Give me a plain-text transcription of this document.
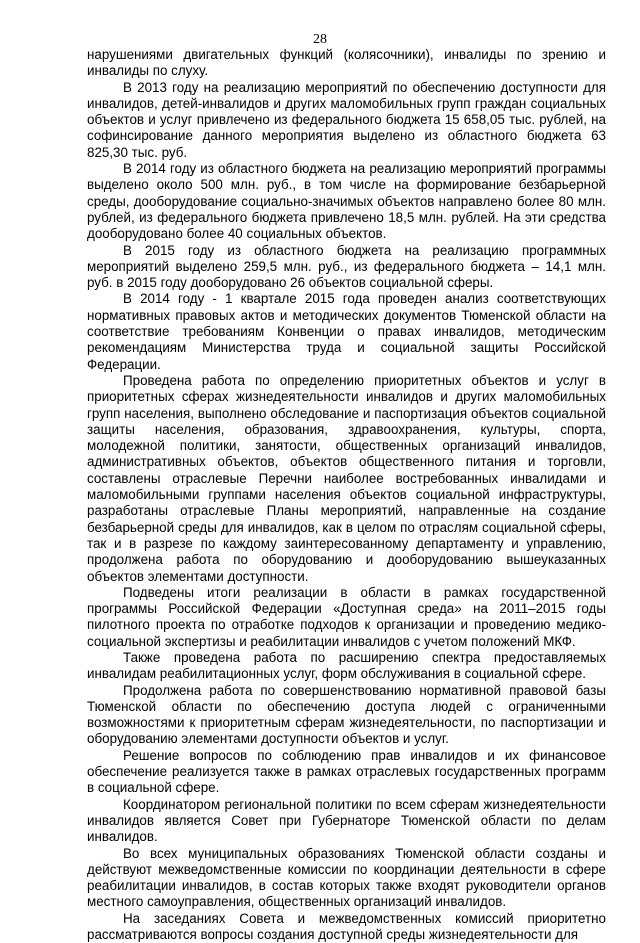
28

нарушениями двигательных функций (колясочники), инвалиды по зрению и инвалиды по слуху.

В 2013 году на реализацию мероприятий по обеспечению доступности для инвалидов, детей-инвалидов и других маломобильных групп граждан социальных объектов и услуг привлечено из федерального бюджета 15 658,05 тыс. рублей, на софинсирование данного мероприятия выделено из областного бюджета 63 825,30 тыс. руб.

В 2014 году из областного бюджета на реализацию мероприятий программы выделено около 500 млн. руб., в том числе на формирование безбарьерной среды, дооборудование социально-значимых объектов направлено более 80 млн. рублей, из федерального бюджета привлечено 18,5 млн. рублей. На эти средства дооборудовано более 40 социальных объектов.

В 2015 году из областного бюджета на реализацию программных мероприятий выделено 259,5 млн. руб., из федерального бюджета – 14,1 млн. руб. в 2015 году дооборудовано 26 объектов социальной сферы.

В 2014 году - 1 квартале 2015 года проведен анализ соответствующих нормативных правовых актов и методических документов Тюменской области на соответствие требованиям Конвенции о правах инвалидов, методическим рекомендациям Министерства труда и социальной защиты Российской Федерации.

Проведена работа по определению приоритетных объектов и услуг в приоритетных сферах жизнедеятельности инвалидов и других маломобильных групп населения, выполнено обследование и паспортизация объектов социальной защиты населения, образования, здравоохранения, культуры, спорта, молодежной политики, занятости, общественных организаций инвалидов, административных объектов, объектов общественного питания и торговли, составлены отраслевые Перечни наиболее востребованных инвалидами и маломобильными группами населения объектов социальной инфраструктуры, разработаны отраслевые Планы мероприятий, направленные на создание безбарьерной среды для инвалидов, как в целом по отраслям социальной сферы, так и в разрезе по каждому заинтересованному департаменту и управлению, продолжена работа по оборудованию и дооборудованию вышеуказанных объектов элементами доступности.

Подведены итоги реализации в области в рамках государственной программы Российской Федерации «Доступная среда» на 2011–2015 годы пилотного проекта по отработке подходов к организации и проведению медико-социальной экспертизы и реабилитации инвалидов с учетом положений МКФ.

Также проведена работа по расширению спектра предоставляемых инвалидам реабилитационных услуг, форм обслуживания в социальной сфере.

Продолжена работа по совершенствованию нормативной правовой базы Тюменской области по обеспечению доступа людей с ограниченными возможностями к приоритетным сферам жизнедеятельности, по паспортизации и оборудованию элементами доступности объектов и услуг.

Решение вопросов по соблюдению прав инвалидов и их финансовое обеспечение реализуется также в рамках отраслевых государственных программ в социальной сфере.

Координатором региональной политики по всем сферам жизнедеятельности инвалидов является Совет при Губернаторе Тюменской области по делам инвалидов.

Во всех муниципальных образованиях Тюменской области созданы и действуют межведомственные комиссии по координации деятельности в сфере реабилитации инвалидов, в состав которых также входят руководители органов местного самоуправления, общественных организаций инвалидов.

На заседаниях Совета и межведомственных комиссий приоритетно рассматриваются вопросы создания доступной среды жизнедеятельности для
